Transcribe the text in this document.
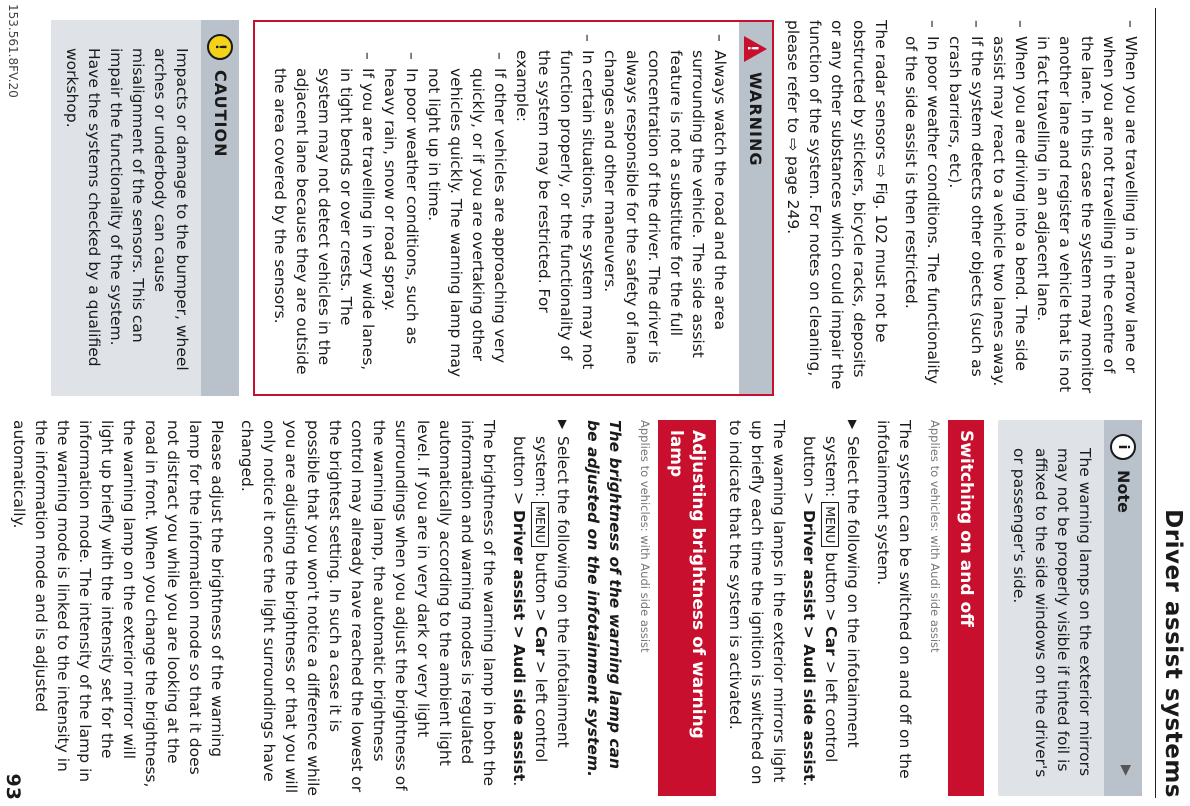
Driver assist systems
– When you are travelling in a narrow lane or when you are not travelling in the centre of the lane. In this case the system may monitor another lane and register a vehicle that is not in fact travelling in an adjacent lane.
– When you are driving into a bend. The side assist may react to a vehicle two lanes away.
– If the system detects other objects (such as crash barriers, etc).
– In poor weather conditions. The functionality of the side assist is then restricted.

The radar sensors ⇨ Fig. 102 must not be obstructed by stickers, bicycle racks, deposits or any other substances which could impair the function of the system. For notes on cleaning, please refer to ⇨ page 249.

!
WARNING
– Always watch the road and the area surrounding the vehicle. The side assist feature is not a substitute for the full concentration of the driver. The driver is always responsible for the safety of lane changes and other maneuvers.
– In certain situations, the system may not function properly, or the functionality of the system may be restricted. For example:
– If other vehicles are approaching very quickly, or if you are overtaking other vehicles quickly. The warning lamp may not light up in time.
– In poor weather conditions, such as heavy rain, snow or road spray.
– If you are travelling in very wide lanes, in tight bends or over crests. The system may not detect vehicles in the adjacent lane because they are outside the area covered by the sensors.
!
CAUTION
Impacts or damage to the bumper, wheel arches or underbody can cause misalignment of the sensors. This can impair the functionality of the system. Have the systems checked by a qualified workshop.
i
Note
The warning lamps on the exterior mirrors may not be properly visible if tinted foil is affixed to the side windows on the driver's or passenger's side.
Switching on and off
Applies to vehicles: with Audi side assist

The system can be switched on and off on the infotainment system.

▶
Select the following on the infotainment system: MENU button > Car > left control button > Driver assist > Audi side assist.

The warning lamps in the exterior mirrors light up briefly each time the ignition is switched on to indicate that the system is activated.

Adjusting brightness of warning lamp
Applies to vehicles: with Audi side assist

The brightness of the warning lamp can be adjusted on the infotainment system.

▶
Select the following on the infotainment system: MENU button > Car > left control button > Driver assist > Audi side assist.

The brightness of the warning lamp in both the information and warning modes is regulated automatically according to the ambient light level. If you are in very dark or very light surroundings when you adjust the brightness of the warning lamp, the automatic brightness control may already have reached the lowest or the brightest setting. In such a case it is possible that you won't notice a difference while you are adjusting the brightness or that you will only notice it once the light surroundings have changed.

Please adjust the brightness of the warning lamp for the information mode so that it does not distract you while you are looking at the road in front. When you change the brightness, the warning lamp on the exterior mirror will light up briefly with the intensity set for the information mode. The intensity of the lamp in the warning mode is linked to the intensity in the information mode and is adjusted automatically.

▶
153.561.8FV.20
93
